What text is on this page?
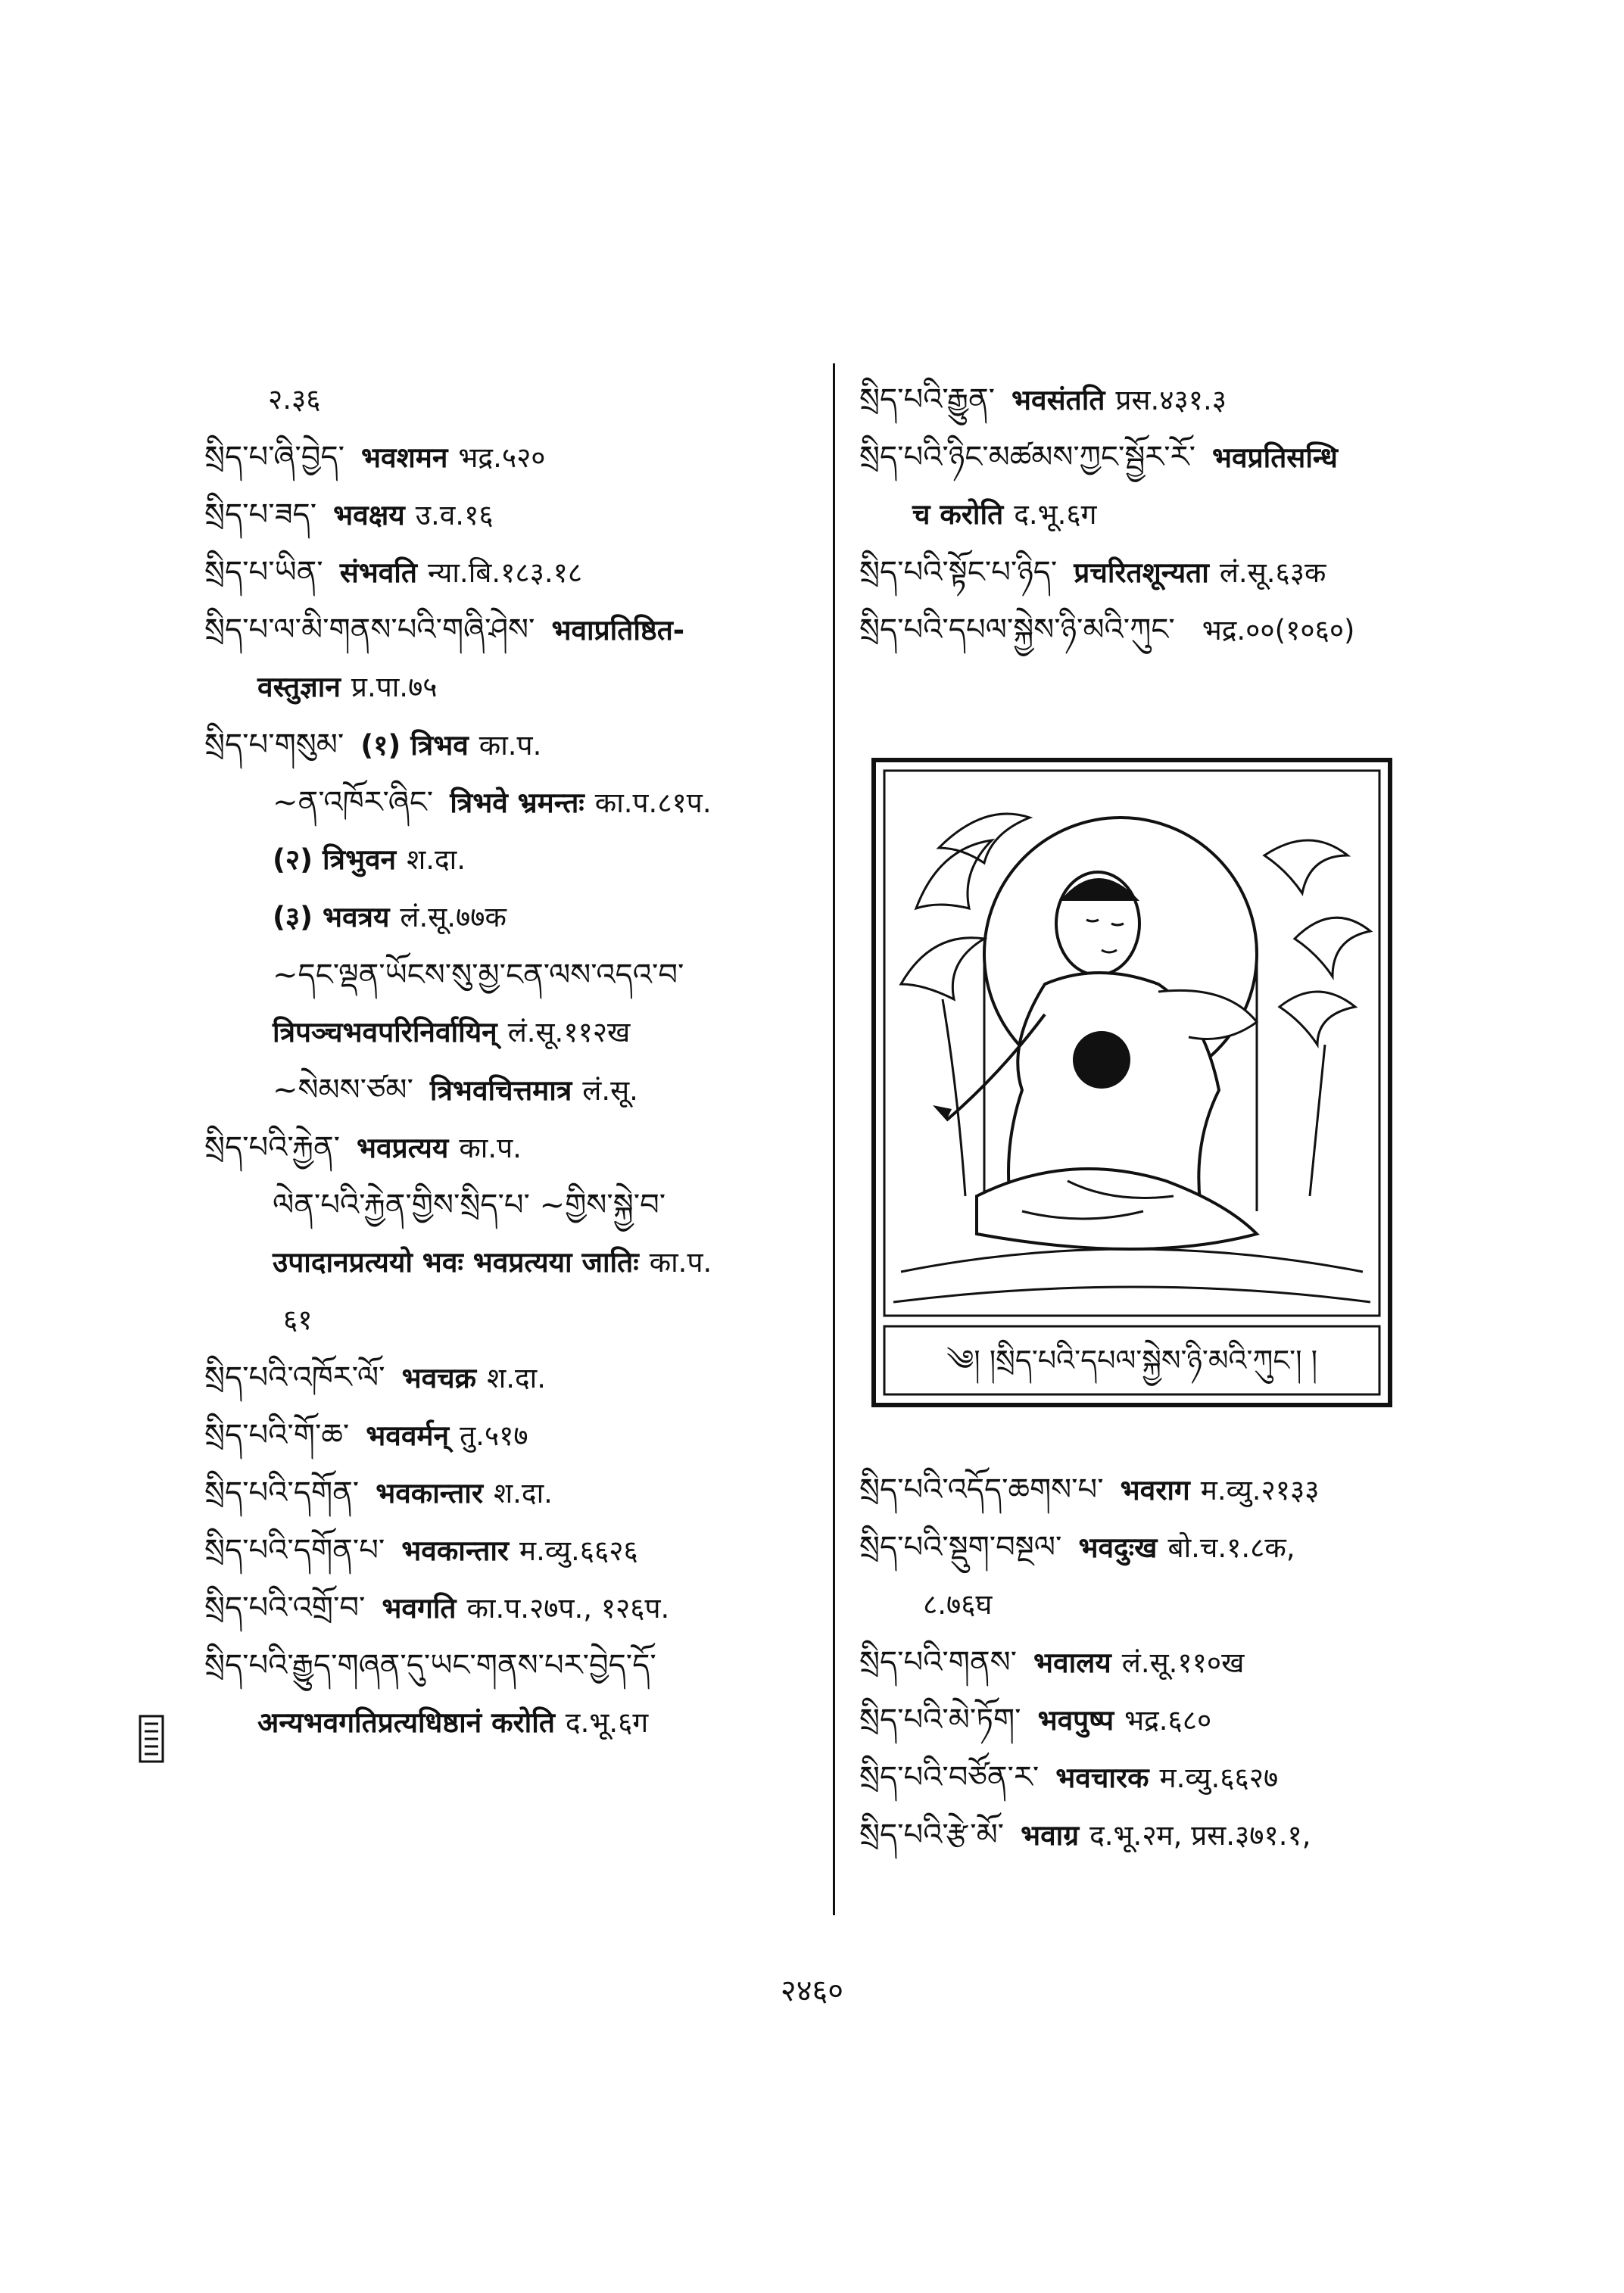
२.३६
སྲིད་པ་ཞི་བྱེད་ भवशमन भद्र.५२०
སྲིད་པ་ཟད་ भवक्षय उ.व.१६
སྲིད་པ་ཡིན་ संभवति न्या.बि.१८३.१८
སྲིད་པ་ལ་མི་གནས་པའི་གཞི་ཤེས་ भवाप्रतिष्ठित-
वस्तुज्ञान प्र.पा.७५
སྲིད་པ་གསུམ་ (१) त्रिभव का.प.
~ན་འཁོར་ཞིང་ त्रिभवे भ्रमन्तः का.प.८१प.
(२) त्रिभुवन श.दा.
(३) भवत्रय लं.सू.७७क
~དང་ལྡན་ཡོངས་སུ་མྱ་ངན་ལས་འདའ་བ་
त्रिपञ्चभवपरिनिर्वायिन् लं.सू.११२ख
~སེམས་ཙམ་ त्रिभवचित्तमात्र लं.सू.
སྲིད་པའི་རྐྱེན་ भवप्रत्यय का.प.
ལེན་པའི་རྐྱེན་གྱིས་སྲིད་པ་ ~གྱིས་སྐྱེ་བ་
उपादानप्रत्ययो भवः भवप्रत्यया जातिः का.प.
६१
སྲིད་པའི་འཁོར་ལོ་ भवचक्र श.दा.
སྲིད་པའི་གོ་ཆ་ भववर्मन् तु.५१७
སྲིད་པའི་དགོན་ भवकान्तार श.दा.
སྲིད་པའི་དགོན་པ་ भवकान्तार म.व्यु.६६२६
སྲིད་པའི་འགྲོ་བ་ भवगति का.प.२७प., १२६प.
སྲིད་པའི་རྒྱུད་གཞན་དུ་ཡང་གནས་པར་བྱེད་དོ་
अन्यभवगतिप्रत्यधिष्ठानं करोति द.भू.६ग
སྲིད་པའི་རྒྱུན་ भवसंतति प्रस.४३१.३
སྲིད་པའི་ཉིང་མཚམས་ཀྱང་སྦྱོར་རོ་ भवप्रतिसन्धि
च करोति द.भू.६ग
སྲིད་པའི་སྟོང་པ་ཉིད་ प्रचरितशून्यता लं.सू.६३क
སྲིད་པའི་དཔལ་སྐྱེས་ཉི་མའི་ཀུང་ भद्र.००(१०६०)
༄། །སྲིད་པའི་དཔལ་སྐྱེས་ཉི་མའི་ཀུང་། །
སྲིད་པའི་འདོད་ཆགས་པ་ भवराग म.व्यु.२१३३
སྲིད་པའི་སྡུག་བསྔལ་ भवदुःख बो.च.१.८क,
८.७६घ
སྲིད་པའི་གནས་ भवालय लं.सू.११०ख
སྲིད་པའི་མེ་ཏོག་ भवपुष्प भद्र.६८०
སྲིད་པའི་བཙོན་ར་ भवचारक म.व्यु.६६२७
སྲིད་པའི་རྩེ་མོ་ भवाग्र द.भू.२म, प्रस.३७१.१,
२४६०
